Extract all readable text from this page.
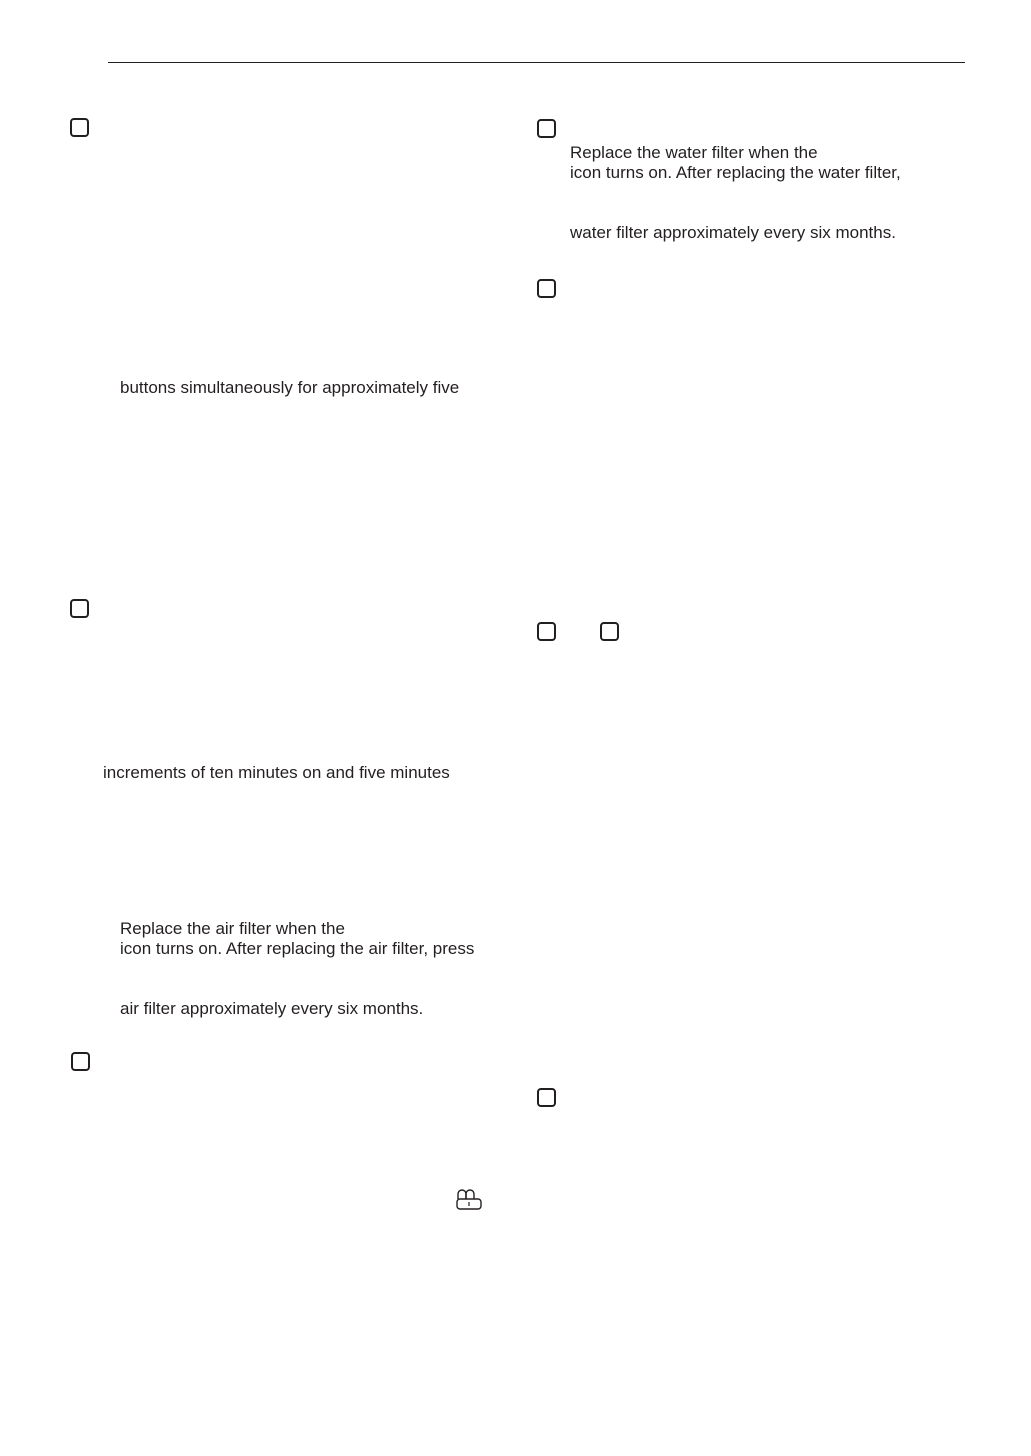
Replace the water filter when the
icon turns on. After replacing the water filter,
water filter approximately every six months.
buttons simultaneously for approximately five
increments of ten minutes on and five minutes
Replace the air filter when the
icon turns on. After replacing the air filter, press
air filter approximately every six months.
